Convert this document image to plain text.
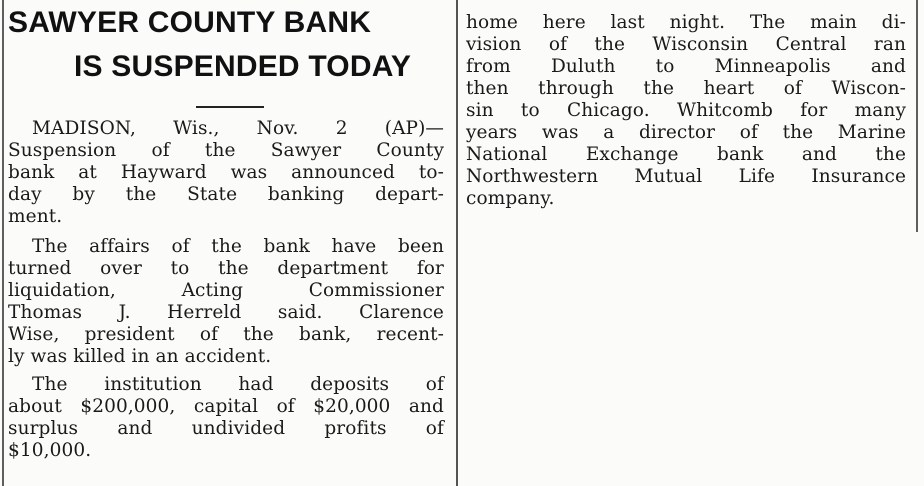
SAWYER COUNTY BANK
IS SUSPENDED TODAY

MADISON, Wis., Nov. 2 (AP)—
Suspension of the Sawyer County
bank at Hayward was announced to-
day by the State banking depart-
ment.

The affairs of the bank have been
turned over to the department for
liquidation, Acting Commissioner
Thomas J. Herreld said. Clarence
Wise, president of the bank, recent-
ly was killed in an accident.

The institution had deposits of
about $200,000, capital of $20,000 and
surplus and undivided profits of
$10,000.

home here last night. The main di-
vision of the Wisconsin Central ran
from Duluth to Minneapolis and
then through the heart of Wiscon-
sin to Chicago. Whitcomb for many
years was a director of the Marine
National Exchange bank and the
Northwestern Mutual Life Insurance
company.
